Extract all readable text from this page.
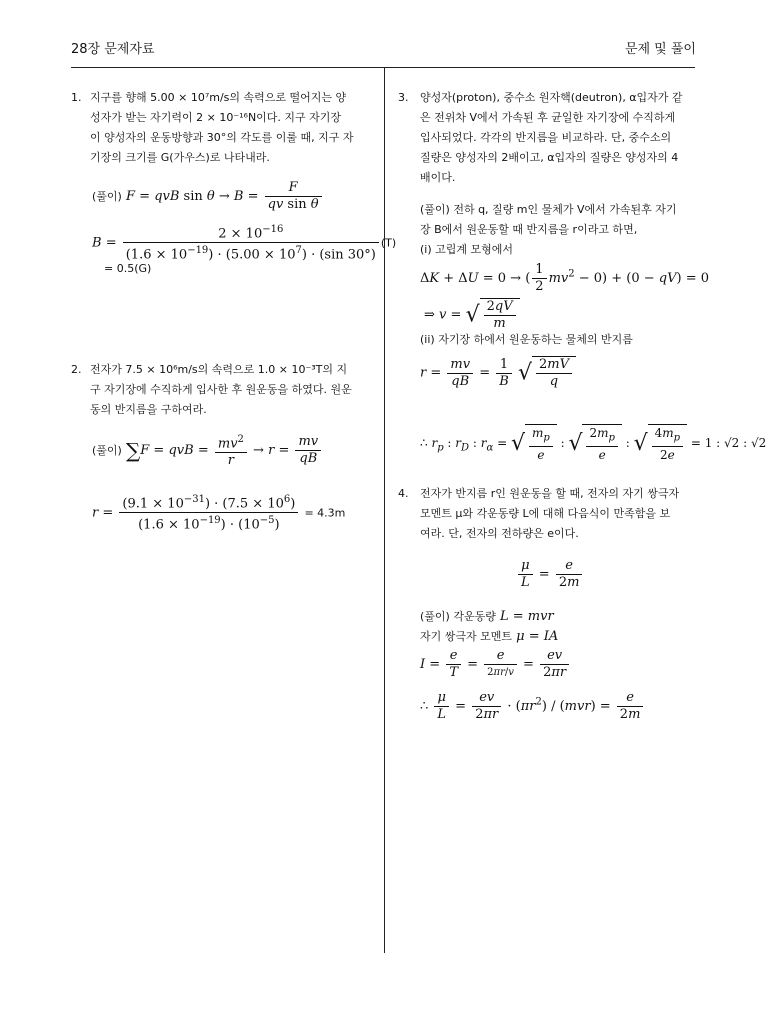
28장 문제자료	문제 및 풀이
1. 지구를 향해 5.00 × 10⁷m/s의 속력으로 떨어지는 양
성자가 받는 자기력이 2 × 10⁻¹⁶N이다. 지구 자기장
이 양성자의 운동방향과 30°의 각도를 이룰 때, 지구 자
기장의 크기를 G(가우스)로 나타내라.
(풀이) F = qvB $\sin \theta \to B = \frac{F}{\text{qv sin θ}}$
$B = \frac{2 \times 10^{-16}}{(1.6 \times 10^{-19}) \cdot (5.00 \times 10^7) \cdot (\sin 30^\circ)} (T)$
= 0.5(G)
2. 전자가 7.5 × 10⁶m/s의 속력으로 1.0 × 10⁻³T의 지
구 자기장에 수직하게 입사한 후 원운동을 하였다. 원운
동의 반지름을 구하여라.
(풀이) ∑F = qvB = $\frac{mv^2}{r} \to r = \frac{mv}{qB}$
$r = \frac{(9.1 \times 10^{-31}) \cdot (7.5 \times 10^6)}{(1.6 \times 10^{-19}) \cdot (10^{-5})} = 4.3m$
3. 양성자(proton), 중수소 원자핵(deutron), α입자가 같
은 전위차 V에서 가속된 후 균일한 자기장에 수직하게
입사되었다. 각각의 반지름을 비교하라. 단, 중수소의
질량은 양성자의 2배이고, α입자의 질량은 양성자의 4
배이다.
(풀이) 전하 q, 질량 m인 물체가 V에서 가속된후 자기
장 B에서 원운동할 때 반지름을 r이라고 하면,
(i) 고립계 모형에서
ΔK + ΔU = 0 → ( $\frac{1}{2} mv^2 - 0) + (0 - qV) = 0$
⇒ v = √ $\frac{2qV}{m}$
(ii) 자기장 하에서 원운동하는 물체의 반지름
$r = \frac{mv}{qB} = \frac{1}{B}$ √ $\frac{2mV}{q}$
∴ $r_p$ : $r_D$ : $r_\alpha$ = √ $\frac{m_p}{e}$ : √ $\frac{2m_p}{e}$ : √ $\frac{4m_p}{2e} = 1$ : √2 : √2
4. 전자가 반지름 r인 원운동을 할 때, 전자의 자기 쌍극자
모멘트 μ와 각운동량 L에 대해 다음식이 만족함을 보
여라. 단, 전자의 전하량은 e이다.
$\frac{\mu}{L} = \frac{e}{2m}$
(풀이) 각운동량 L = mvr
자기 쌍극자 모멘트 μ = IA
$I = \frac{e}{T} = \frac{e}{2\pi r/v} = \frac{ev}{2\pi r}$
∴ $\frac{\mu}{L} = \frac{ev}{2\pi r} \cdot (\pi r^2) / (mvr) = \frac{e}{2m}$
